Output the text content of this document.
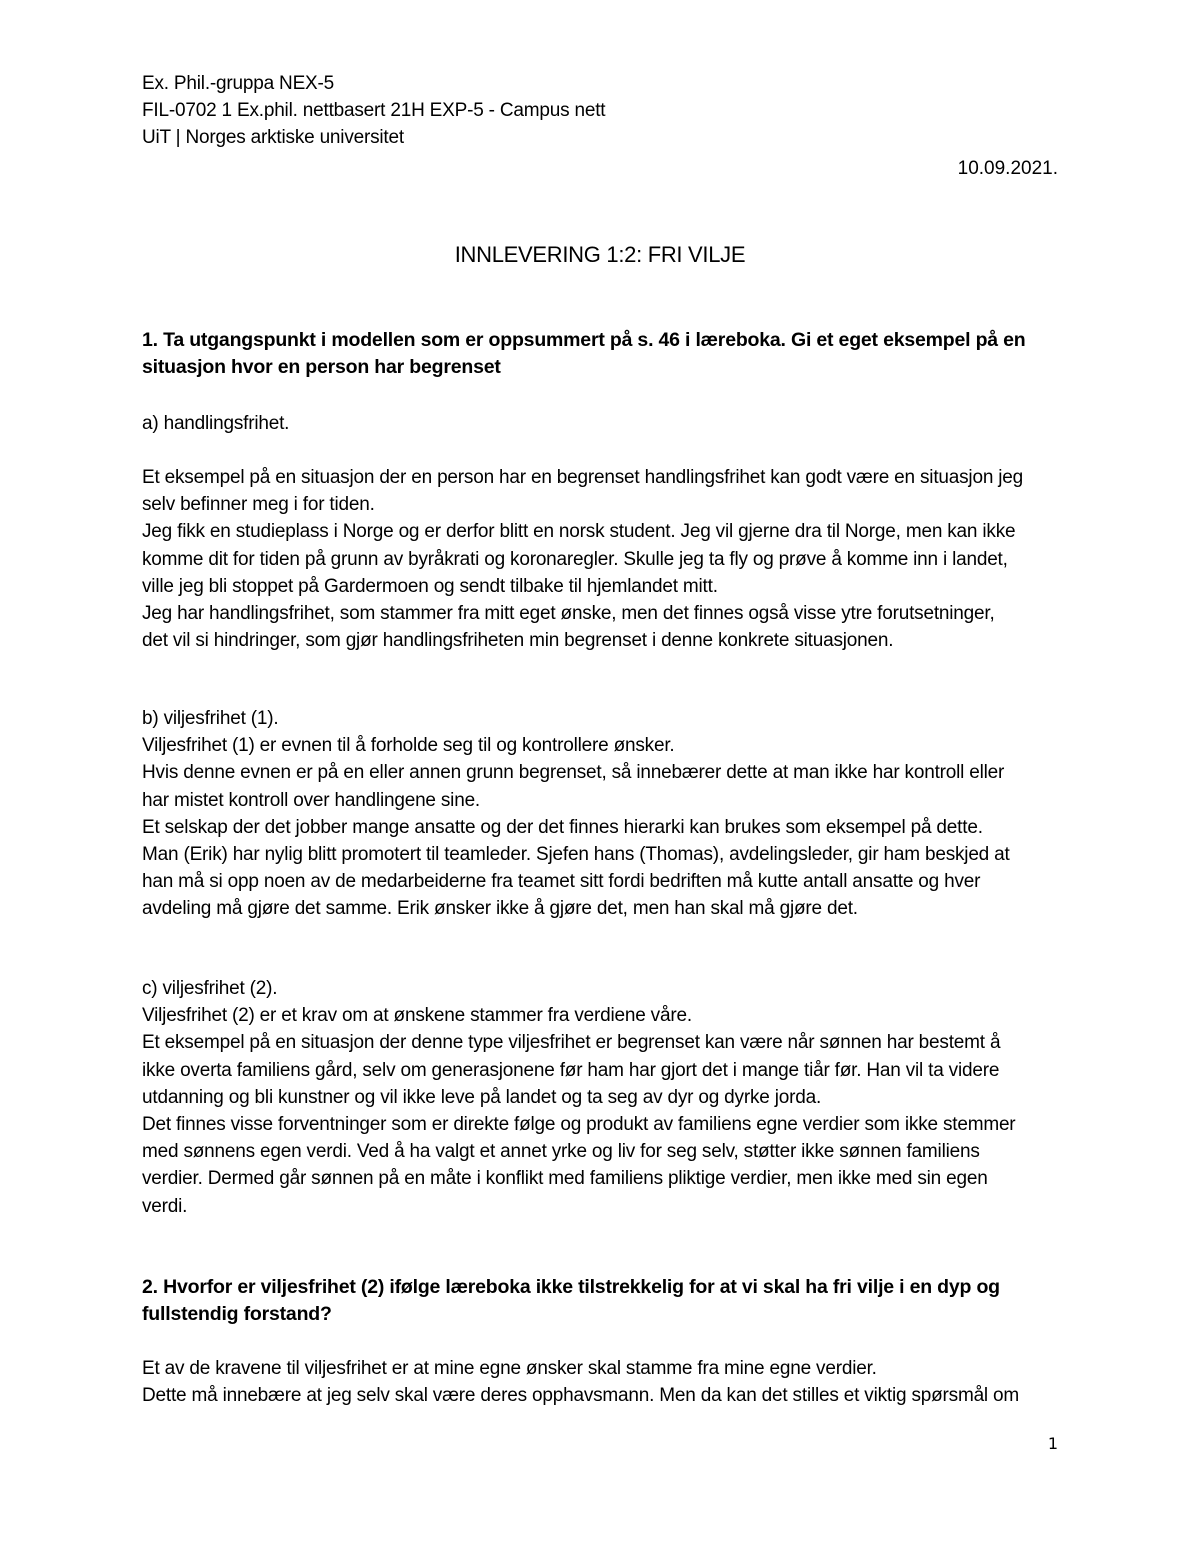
Ex. Phil.-gruppa NEX-5
FIL-0702 1 Ex.phil. nettbasert 21H EXP-5 - Campus nett
UiT | Norges arktiske universitet
10.09.2021.
INNLEVERING 1:2: FRI VILJE
1. Ta utgangspunkt i modellen som er oppsummert på s. 46 i læreboka. Gi et eget eksempel på en
situasjon hvor en person har begrenset
a) handlingsfrihet.
Et eksempel på en situasjon der en person har en begrenset handlingsfrihet kan godt være en situasjon jeg
selv befinner meg i for tiden.
Jeg fikk en studieplass i Norge og er derfor blitt en norsk student. Jeg vil gjerne dra til Norge, men kan ikke
komme dit for tiden på grunn av byråkrati og koronaregler. Skulle jeg ta fly og prøve å komme inn i landet,
ville jeg bli stoppet på Gardermoen og sendt tilbake til hjemlandet mitt.
Jeg har handlingsfrihet, som stammer fra mitt eget ønske, men det finnes også visse ytre forutsetninger,
det vil si hindringer, som gjør handlingsfriheten min begrenset i denne konkrete situasjonen.
b) viljesfrihet (1).
Viljesfrihet (1) er evnen til å forholde seg til og kontrollere ønsker.
Hvis denne evnen er på en eller annen grunn begrenset, så innebærer dette at man ikke har kontroll eller
har mistet kontroll over handlingene sine.
Et selskap der det jobber mange ansatte og der det finnes hierarki kan brukes som eksempel på dette.
Man (Erik) har nylig blitt promotert til teamleder. Sjefen hans (Thomas), avdelingsleder, gir ham beskjed at
han må si opp noen av de medarbeiderne fra teamet sitt fordi bedriften må kutte antall ansatte og hver
avdeling må gjøre det samme. Erik ønsker ikke å gjøre det, men han skal må gjøre det.
c) viljesfrihet (2).
Viljesfrihet (2) er et krav om at ønskene stammer fra verdiene våre.
Et eksempel på en situasjon der denne type viljesfrihet er begrenset kan være når sønnen har bestemt å
ikke overta familiens gård, selv om generasjonene før ham har gjort det i mange tiår før. Han vil ta videre
utdanning og bli kunstner og vil ikke leve på landet og ta seg av dyr og dyrke jorda.
Det finnes visse forventninger som er direkte følge og produkt av familiens egne verdier som ikke stemmer
med sønnens egen verdi. Ved å ha valgt et annet yrke og liv for seg selv, støtter ikke sønnen familiens
verdier. Dermed går sønnen på en måte i konflikt med familiens pliktige verdier, men ikke med sin egen
verdi.
2. Hvorfor er viljesfrihet (2) ifølge læreboka ikke tilstrekkelig for at vi skal ha fri vilje i en dyp og
fullstendig forstand?
Et av de kravene til viljesfrihet er at mine egne ønsker skal stamme fra mine egne verdier.
Dette må innebære at jeg selv skal være deres opphavsmann. Men da kan det stilles et viktig spørsmål om
1
